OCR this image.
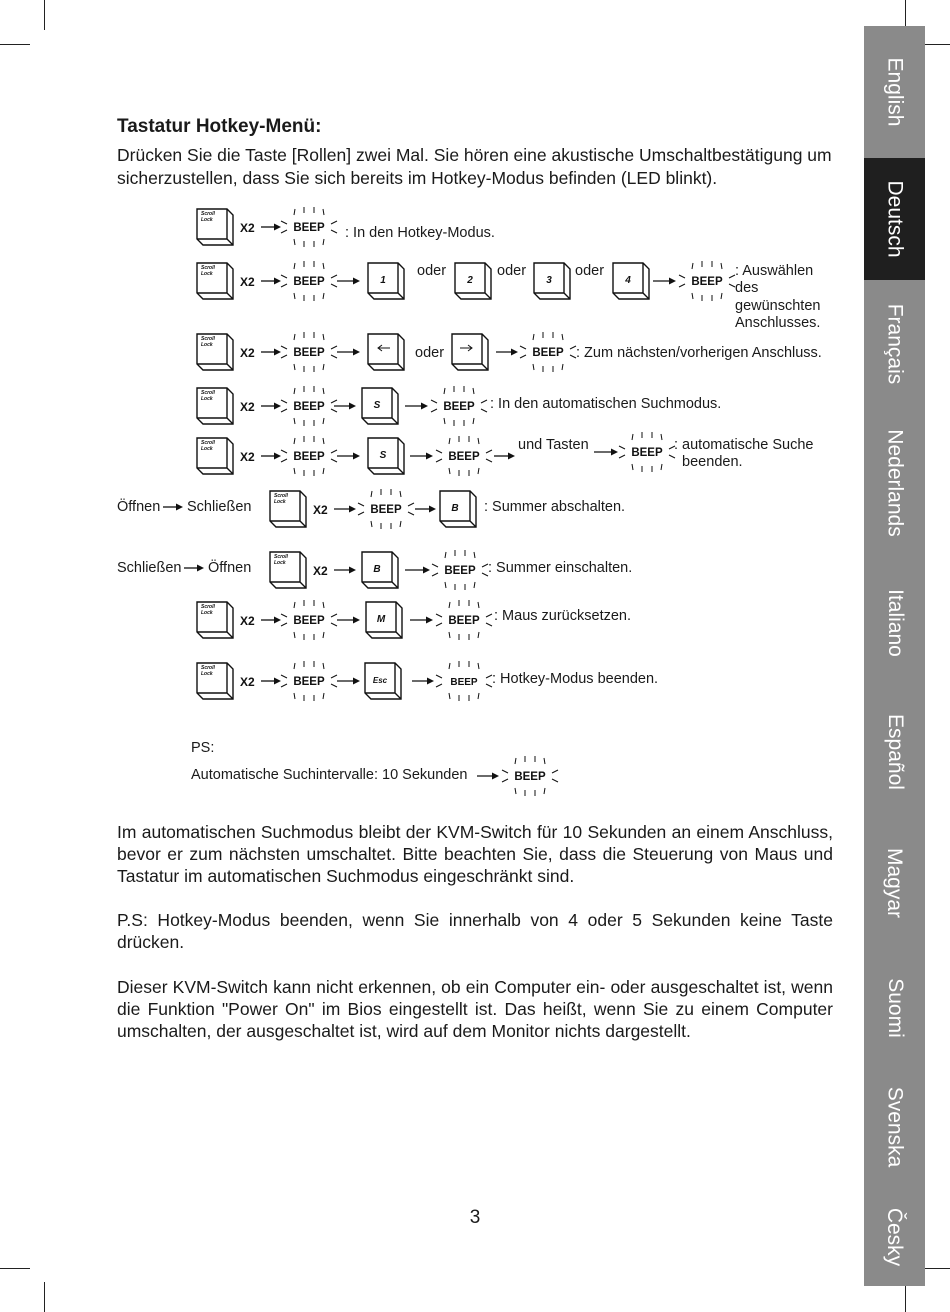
English
Deutsch
Français
Nederlands
Italiano
Español
Magyar
Suomi
Svenska
Česky
Tastatur Hotkey-Menü:
Drücken Sie die Taste [Rollen] zwei Mal. Sie hören eine akustische Umschaltbestätigung um sicherzustellen, dass Sie sich bereits im Hotkey-Modus befinden (LED blinkt).
Scroll
Lock
X2	BEEP
Scroll
Lock
X2	BEEP	1	2	3	4	BEEP
Scroll
Lock
X2	BEEP	BEEP
Scroll
Lock
X2	BEEP	S	BEEP
Scroll
Lock
X2	BEEP	S	BEEP	BEEP
Scroll
Lock
X2	BEEP	B
Scroll
Lock
X2	B	BEEP
Scroll
Lock
X2	BEEP	M	BEEP
Scroll
Lock
X2	BEEP	Esc	BEEP
BEEP
: In den Hotkey-Modus.
oder	oder	oder	: Auswählen
des
gewünschten
Anschlusses.
oder	: Zum nächsten/vorherigen Anschluss.
: In den automatischen Suchmodus.
und Tasten	: automatische Suche
beenden.
Öffnen Schließen	: Summer abschalten.
Schließen Öffnen	: Summer einschalten.
: Maus zurücksetzen.
: Hotkey-Modus beenden.
PS:
Automatische Suchintervalle: 10 Sekunden
Im automatischen Suchmodus bleibt der KVM-Switch für 10 Sekunden an einem Anschluss, bevor er zum nächsten umschaltet. Bitte beachten Sie, dass die Steuerung von Maus und Tastatur im automatischen Suchmodus eingeschränkt sind.
P.S: Hotkey-Modus beenden, wenn Sie innerhalb von 4 oder 5 Sekunden keine Taste drücken.
Dieser KVM-Switch kann nicht erkennen, ob ein Computer ein- oder ausgeschaltet ist, wenn die Funktion "Power On" im Bios eingestellt ist. Das heißt, wenn Sie zu einem Computer umschalten, der ausgeschaltet ist, wird auf dem Monitor nichts dargestellt.
3
